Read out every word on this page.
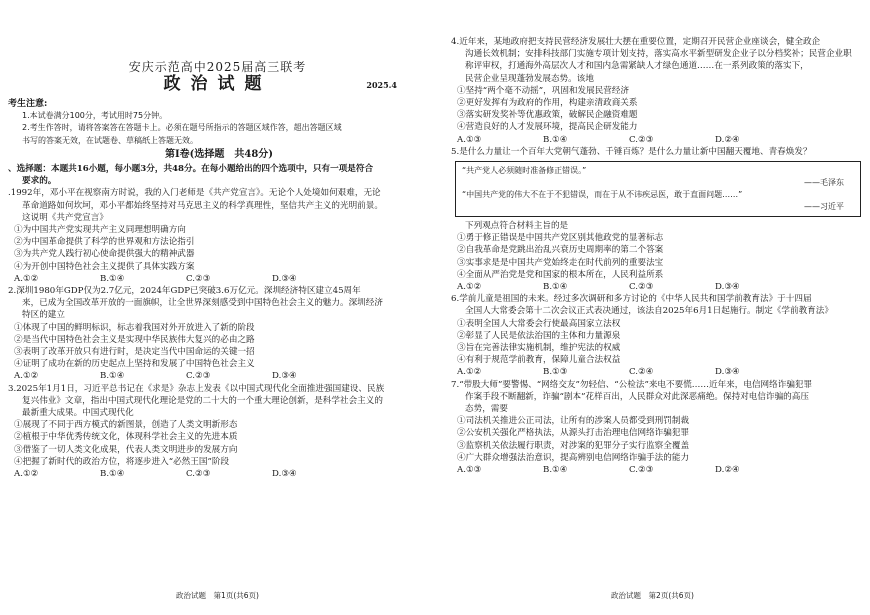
安庆示范高中2025届高三联考
政治试题	2025.4
考生注意:
1.本试卷满分100分，考试用时75分钟。
2.考生作答时，请将答案答在答题卡上。必须在题号所指示的答题区域作答，超出答题区域
书写的答案无效，在试题卷、草稿纸上答题无效。
第Ⅰ卷(选择题　共48分)
、选择题：本题共16小题，每小题3分，共48分。在每小题给出的四个选项中，只有一项是符合
要求的。
.1992年，邓小平在视察南方时说，我的入门老师是《共产党宣言》。无论个人处境如何艰难，无论
革命道路如何坎坷，邓小平都始终坚持对马克思主义的科学真理性，坚信共产主义的光明前景。
这说明《共产党宣言》
①为中国共产党实现共产主义同理想明确方向
②为中国革命提供了科学的世界观和方法论指引
③为共产党人践行初心使命提供强大的精神武器
④为开创中国特色社会主义提供了具体实践方案
A.①②	B.①④	C.②③	D.③④
2.深圳1980年GDP仅为2.7亿元，2024年GDP已突破3.6万亿元。深圳经济特区建立45周年
来，已成为全国改革开放的一面旗帜，让全世界深刻感受到中国特色社会主义的魅力。深圳经济
特区的建立
①体现了中国的鲜明标识，标志着我国对外开放进入了新的阶段
②是当代中国特色社会主义是实现中华民族伟大复兴的必由之路
③表明了改革开放只有进行时，是决定当代中国命运的关键一招
④证明了成功在新的历史起点上坚持和发展了中国特色社会主义
A.①②	B.①④	C.②③	D.③④
3.2025年1月1日，习近平总书记在《求是》杂志上发表《以中国式现代化全面推进强国建设、民族
复兴伟业》文章，指出中国式现代化理论是党的二十大的一个重大理论创新，是科学社会主义的
最新重大成果。中国式现代化
①展现了不同于西方模式的新图景，创造了人类文明新形态
②植根于中华优秀传统文化，体现科学社会主义的先进本质
③借鉴了一切人类文化成果，代表人类文明进步的发展方向
④把握了新时代的政治方位，将逐步进入“必然王国”阶段
A.①②	B.①④	C.②③	D.③④
政治试题　第1页(共6页)
4.近年来，某地政府把支持民营经济发展壮大摆在重要位置，定期召开民营企业座谈会，健全政企
沟通长效机制；安排科技部门实施专项计划支持，落实高水平新型研发企业子以分档奖补；民营企业职
称评审权，打通海外高层次人才和国内急需紧缺人才绿色通道……在一系列政策的落实下，
民营企业呈现蓬勃发展态势。该地
①坚持“两个毫不动摇”，巩固和发展民营经济
②更好发挥有为政府的作用，构建亲清政商关系
③落实研发奖补等优惠政策，破解民企融资难题
④营造良好的人才发展环境，提高民企研发能力
A.①③	B.①④	C.②③	D.②④
5.是什么力量让一个百年大党朝气蓬勃、千锤百炼？是什么力量让新中国翻天覆地、青春焕发？
“共产党人必须随时准备修正错误。”
——毛泽东
“中国共产党的伟大不在于不犯错误，而在于从不讳疾忌医，敢于直面问题……”
——习近平
下列观点符合材料主旨的是
①勇于修正错误是中国共产党区别其他政党的显著标志
②自我革命是党跳出治乱兴衰历史周期率的第二个答案
③实事求是是中国共产党始终走在时代前列的重要法宝
④全面从严治党是党和国家的根本所在，人民利益所系
A.①②	B.①④	C.②③	D.③④
6.学前儿童是祖国的未来。经过多次调研和多方讨论的《中华人民共和国学前教育法》于十四届
全国人大常委会第十二次会议正式表决通过，该法自2025年6月1日起施行。制定《学前教育法》
①表明全国人大常委会行使最高国家立法权
②彰显了人民是依法治国的主体和力量源泉
③旨在完善法律实施机制，维护宪法的权威
④有利于规范学前教育，保障儿童合法权益
A.①②	B.①③	C.②④	D.③④
7.“带股大师”要警惕、“网络交友”勿轻信、“公检法”来电不要慌……近年来，电信网络诈骗犯罪
作案手段不断翻新，诈骗“剧本”花样百出，人民群众对此深恶痛绝。保持对电信诈骗的高压
态势，需要
①司法机关推进公正司法，让所有的涉案人员都受到刑罚制裁
②公安机关强化严格执法，从源头打击治理电信网络诈骗犯罪
③监察机关依法履行职责，对涉案的犯罪分子实行监察全覆盖
④广大群众增强法治意识，提高辨别电信网络诈骗手法的能力
A.①③	B.①④	C.②③	D.②④
政治试题　第2页(共6页)
